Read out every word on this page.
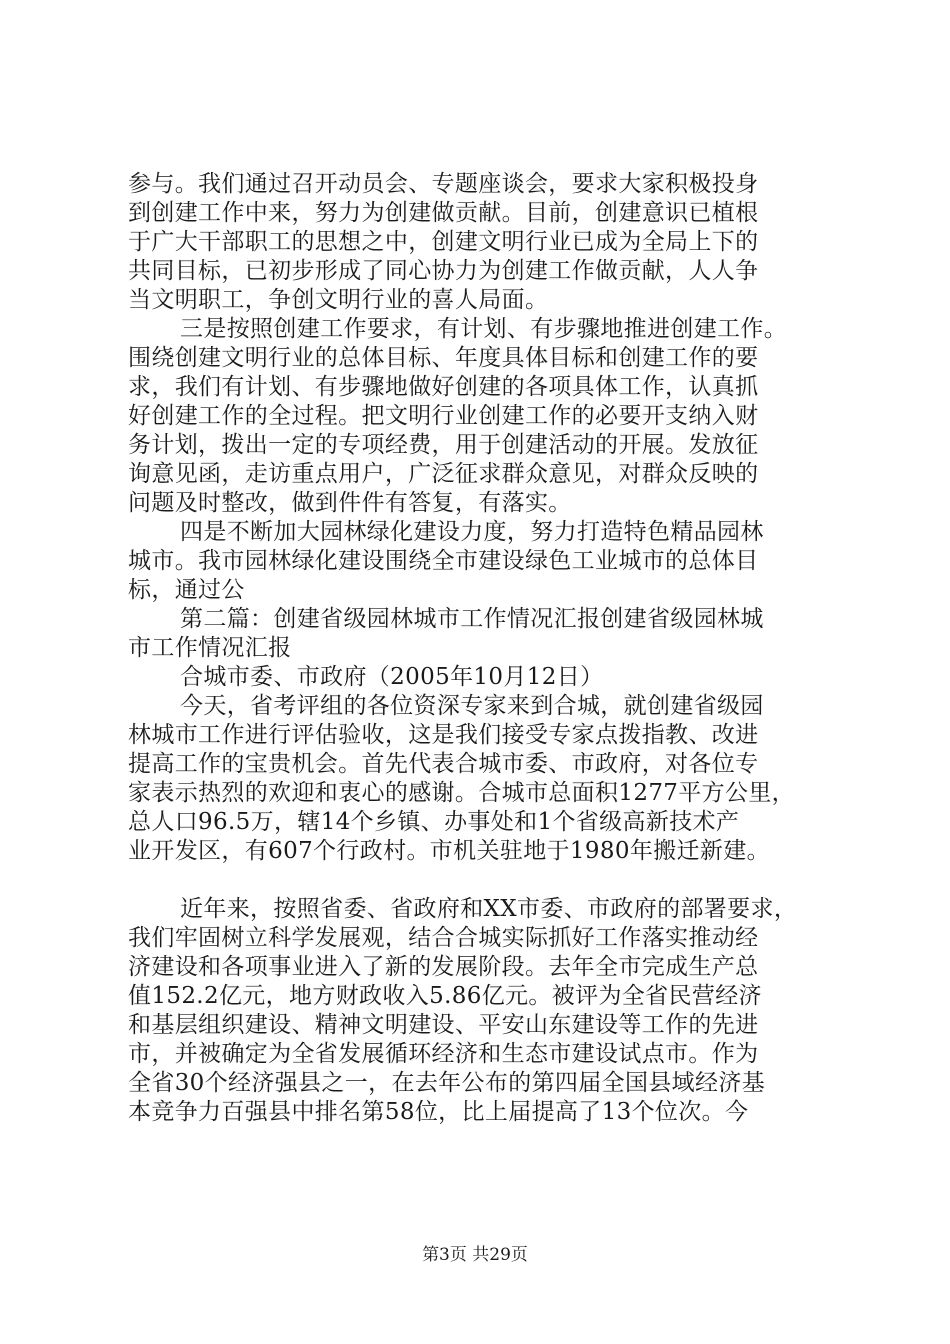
参与。我们通过召开动员会、专题座谈会，要求大家积极投身
到创建工作中来，努力为创建做贡献。目前，创建意识已植根
于广大干部职工的思想之中，创建文明行业已成为全局上下的
共同目标，已初步形成了同心协力为创建工作做贡献，人人争
当文明职工，争创文明行业的喜人局面。
三是按照创建工作要求，有计划、有步骤地推进创建工作。
围绕创建文明行业的总体目标、年度具体目标和创建工作的要
求，我们有计划、有步骤地做好创建的各项具体工作，认真抓
好创建工作的全过程。把文明行业创建工作的必要开支纳入财
务计划，拨出一定的专项经费，用于创建活动的开展。发放征
询意见函，走访重点用户，广泛征求群众意见，对群众反映的
问题及时整改，做到件件有答复，有落实。
四是不断加大园林绿化建设力度，努力打造特色精品园林
城市。我市园林绿化建设围绕全市建设绿色工业城市的总体目
标，通过公
第二篇：创建省级园林城市工作情况汇报创建省级园林城
市工作情况汇报
合城市委、市政府（2005年10月12日）
今天，省考评组的各位资深专家来到合城，就创建省级园
林城市工作进行评估验收，这是我们接受专家点拨指教、改进
提高工作的宝贵机会。首先代表合城市委、市政府，对各位专
家表示热烈的欢迎和衷心的感谢。合城市总面积1277平方公里，
总人口96.5万，辖14个乡镇、办事处和1个省级高新技术产
业开发区，有607个行政村。市机关驻地于1980年搬迁新建。
近年来，按照省委、省政府和XX市委、市政府的部署要求，
我们牢固树立科学发展观，结合合城实际抓好工作落实推动经
济建设和各项事业进入了新的发展阶段。去年全市完成生产总
值152.2亿元，地方财政收入5.86亿元。被评为全省民营经济
和基层组织建设、精神文明建设、平安山东建设等工作的先进
市，并被确定为全省发展循环经济和生态市建设试点市。作为
全省30个经济强县之一，在去年公布的第四届全国县域经济基
本竞争力百强县中排名第58位，比上届提高了13个位次。今
第3页 共29页
